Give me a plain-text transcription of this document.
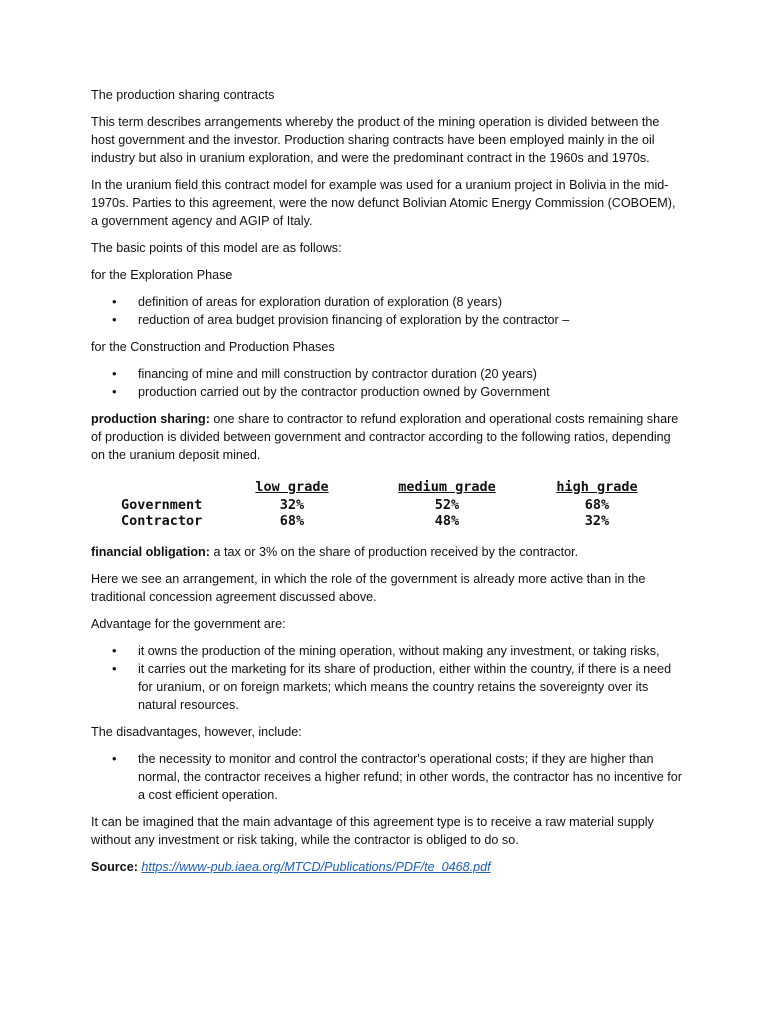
The production sharing contracts

This term describes arrangements whereby the product of the mining operation is divided between the host government and the investor. Production sharing contracts have been employed mainly in the oil industry but also in uranium exploration, and were the predominant contract in the 1960s and 1970s.

In the uranium field this contract model for example was used for a uranium project in Bolivia in the mid-1970s. Parties to this agreement, were the now defunct Bolivian Atomic Energy Commission (COBOEM), a government agency and AGIP of Italy.

The basic points of this model are as follows:

for the Exploration Phase

• definition of areas for exploration duration of exploration (8 years)
• reduction of area budget provision financing of exploration by the contractor –

for the Construction and Production Phases

• financing of mine and mill construction by contractor duration (20 years)
• production carried out by the contractor production owned by Government

production sharing: one share to contractor to refund exploration and operational costs remaining share of production is divided between government and contractor according to the following ratios, depending on the uranium deposit mined.

	low grade	medium grade	high grade
Government	32%	52%	68%
Contractor	68%	48%	32%

financial obligation: a tax or 3% on the share of production received by the contractor.

Here we see an arrangement, in which the role of the government is already more active than in the traditional concession agreement discussed above.

Advantage for the government are:

• it owns the production of the mining operation, without making any investment, or taking risks,
• it carries out the marketing for its share of production, either within the country, if there is a need for uranium, or on foreign markets; which means the country retains the sovereignty over its natural resources.

The disadvantages, however, include:

• the necessity to monitor and control the contractor's operational costs; if they are higher than normal, the contractor receives a higher refund; in other words, the contractor has no incentive for a cost efficient operation.

It can be imagined that the main advantage of this agreement type is to receive a raw material supply without any investment or risk taking, while the contractor is obliged to do so.

Source: https://www-pub.iaea.org/MTCD/Publications/PDF/te_0468.pdf
